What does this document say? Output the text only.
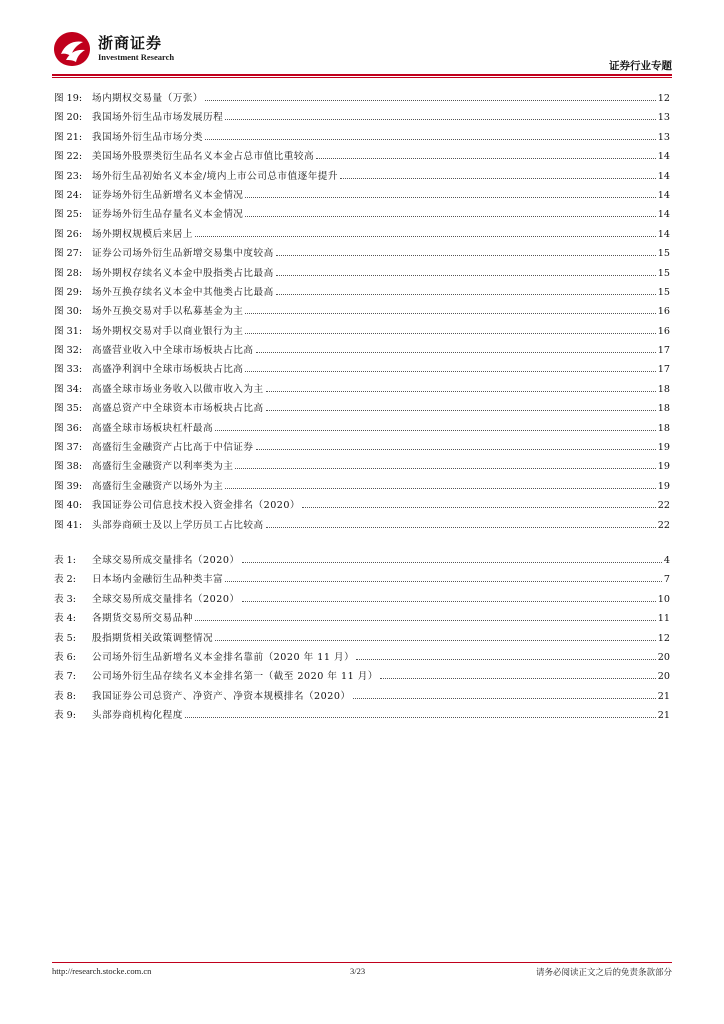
浙商证券
Investment Research
证券行业专题
图 19:	场内期权交易量（万张）	12
图 20:	我国场外衍生品市场发展历程	13
图 21:	我国场外衍生品市场分类	13
图 22:	美国场外股票类衍生品名义本金占总市值比重较高	14
图 23:	场外衍生品初始名义本金/境内上市公司总市值逐年提升	14
图 24:	证券场外衍生品新增名义本金情况	14
图 25:	证券场外衍生品存量名义本金情况	14
图 26:	场外期权规模后来居上	14
图 27:	证券公司场外衍生品新增交易集中度较高	15
图 28:	场外期权存续名义本金中股指类占比最高	15
图 29:	场外互换存续名义本金中其他类占比最高	15
图 30:	场外互换交易对手以私募基金为主	16
图 31:	场外期权交易对手以商业银行为主	16
图 32:	高盛营业收入中全球市场板块占比高	17
图 33:	高盛净利润中全球市场板块占比高	17
图 34:	高盛全球市场业务收入以做市收入为主	18
图 35:	高盛总资产中全球资本市场板块占比高	18
图 36:	高盛全球市场板块杠杆最高	18
图 37:	高盛衍生金融资产占比高于中信证券	19
图 38:	高盛衍生金融资产以利率类为主	19
图 39:	高盛衍生金融资产以场外为主	19
图 40:	我国证券公司信息技术投入资金排名（2020）	22
图 41:	头部券商硕士及以上学历员工占比较高	22
表 1:	全球交易所成交量排名（2020）	4
表 2:	日本场内金融衍生品种类丰富	7
表 3:	全球交易所成交量排名（2020）	10
表 4:	各期货交易所交易品种	11
表 5:	股指期货相关政策调整情况	12
表 6:	公司场外衍生品新增名义本金排名靠前（2020 年 11 月）	20
表 7:	公司场外衍生品存续名义本金排名第一（截至 2020 年 11 月）	20
表 8:	我国证券公司总资产、净资产、净资本规模排名（2020）	21
表 9:	头部券商机构化程度	21
http://research.stocke.com.cn	3/23	请务必阅读正文之后的免责条款部分
